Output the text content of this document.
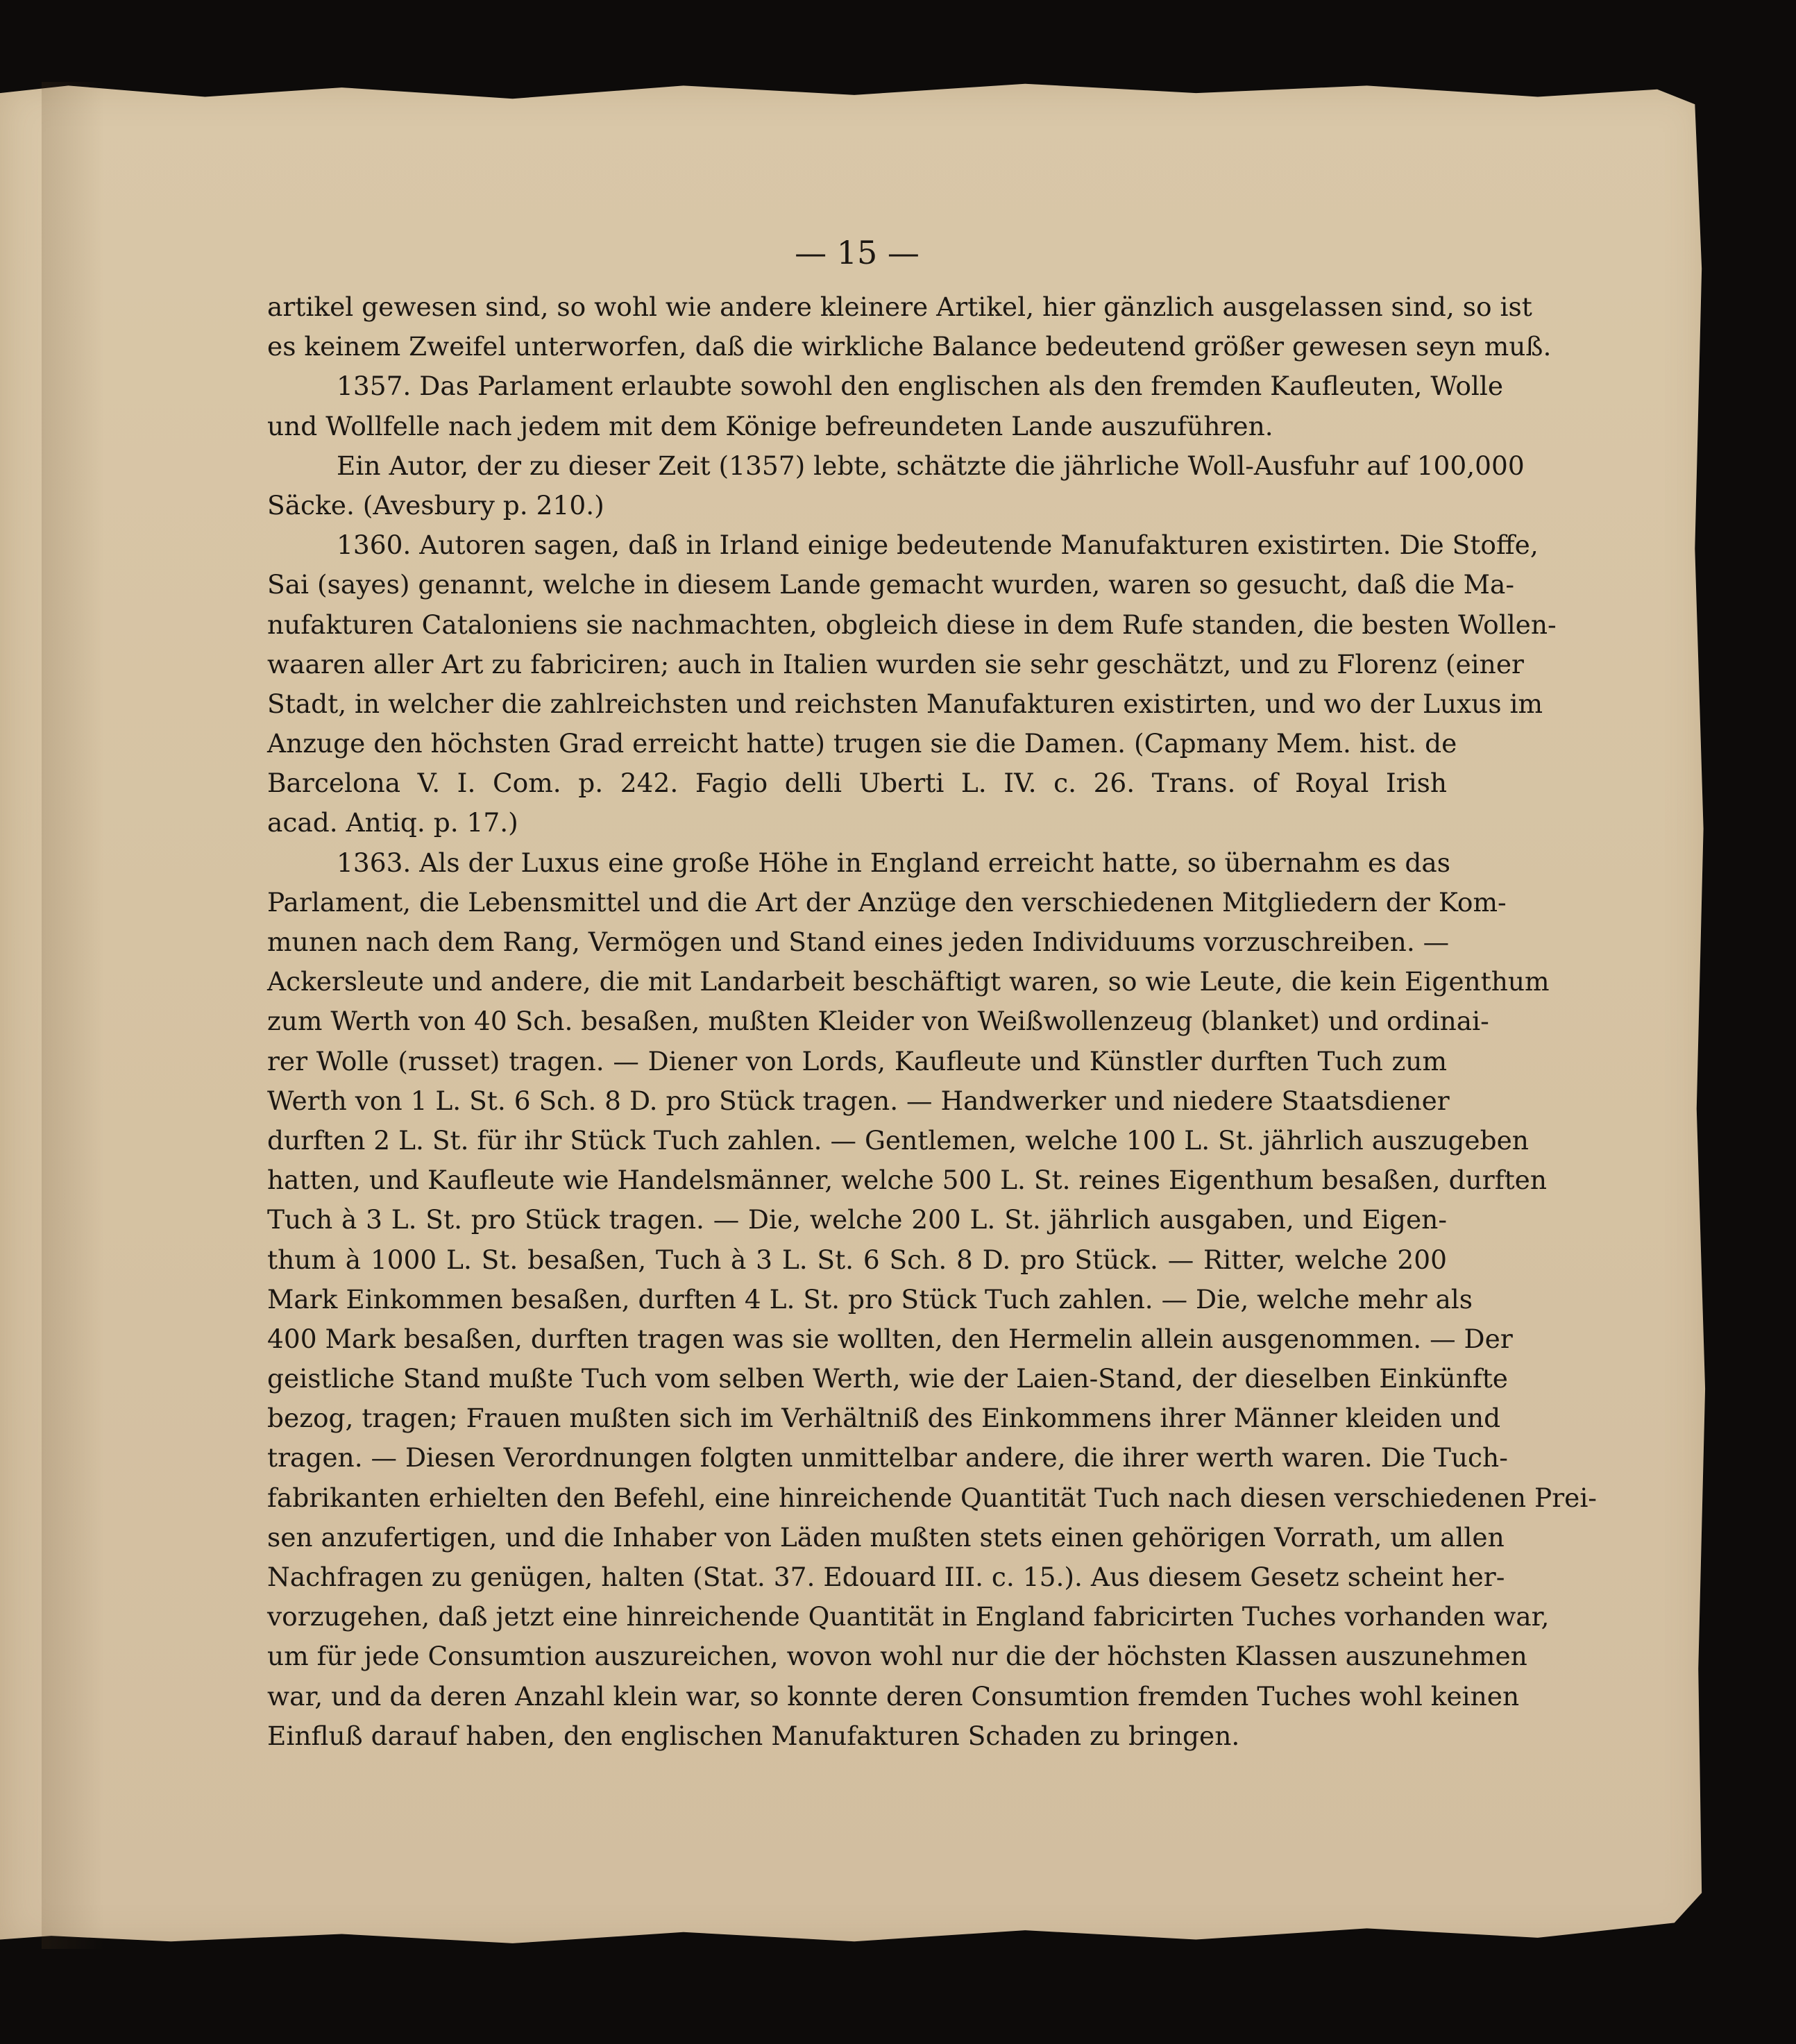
— 15 —
artikel gewesen sind, so wohl wie andere kleinere Artikel, hier gänzlich ausgelassen sind, so ist
es keinem Zweifel unterworfen, daß die wirkliche Balance bedeutend größer gewesen seyn muß.
1357. Das Parlament erlaubte sowohl den englischen als den fremden Kaufleuten, Wolle
und Wollfelle nach jedem mit dem Könige befreundeten Lande auszuführen.
Ein Autor, der zu dieser Zeit (1357) lebte, schätzte die jährliche Woll-Ausfuhr auf 100,000
Säcke. (Avesbury p. 210.)
1360. Autoren sagen, daß in Irland einige bedeutende Manufakturen existirten. Die Stoffe,
Sai (sayes) genannt, welche in diesem Lande gemacht wurden, waren so gesucht, daß die Ma-
nufakturen Cataloniens sie nachmachten, obgleich diese in dem Rufe standen, die besten Wollen-
waaren aller Art zu fabriciren; auch in Italien wurden sie sehr geschätzt, und zu Florenz (einer
Stadt, in welcher die zahlreichsten und reichsten Manufakturen existirten, und wo der Luxus im
Anzuge den höchsten Grad erreicht hatte) trugen sie die Damen. (Capmany Mem. hist. de
Barcelona V. I. Com. p. 242. Fagio delli Uberti L. IV. c. 26. Trans. of Royal Irish
acad. Antiq. p. 17.)
1363. Als der Luxus eine große Höhe in England erreicht hatte, so übernahm es das
Parlament, die Lebensmittel und die Art der Anzüge den verschiedenen Mitgliedern der Kom-
munen nach dem Rang, Vermögen und Stand eines jeden Individuums vorzuschreiben. —
Ackersleute und andere, die mit Landarbeit beschäftigt waren, so wie Leute, die kein Eigenthum
zum Werth von 40 Sch. besaßen, mußten Kleider von Weißwollenzeug (blanket) und ordinai-
rer Wolle (russet) tragen. — Diener von Lords, Kaufleute und Künstler durften Tuch zum
Werth von 1 L. St. 6 Sch. 8 D. pro Stück tragen. — Handwerker und niedere Staatsdiener
durften 2 L. St. für ihr Stück Tuch zahlen. — Gentlemen, welche 100 L. St. jährlich auszugeben
hatten, und Kaufleute wie Handelsmänner, welche 500 L. St. reines Eigenthum besaßen, durften
Tuch à 3 L. St. pro Stück tragen. — Die, welche 200 L. St. jährlich ausgaben, und Eigen-
thum à 1000 L. St. besaßen, Tuch à 3 L. St. 6 Sch. 8 D. pro Stück. — Ritter, welche 200
Mark Einkommen besaßen, durften 4 L. St. pro Stück Tuch zahlen. — Die, welche mehr als
400 Mark besaßen, durften tragen was sie wollten, den Hermelin allein ausgenommen. — Der
geistliche Stand mußte Tuch vom selben Werth, wie der Laien-Stand, der dieselben Einkünfte
bezog, tragen; Frauen mußten sich im Verhältniß des Einkommens ihrer Männer kleiden und
tragen. — Diesen Verordnungen folgten unmittelbar andere, die ihrer werth waren. Die Tuch-
fabrikanten erhielten den Befehl, eine hinreichende Quantität Tuch nach diesen verschiedenen Prei-
sen anzufertigen, und die Inhaber von Läden mußten stets einen gehörigen Vorrath, um allen
Nachfragen zu genügen, halten (Stat. 37. Edouard III. c. 15.). Aus diesem Gesetz scheint her-
vorzugehen, daß jetzt eine hinreichende Quantität in England fabricirten Tuches vorhanden war,
um für jede Consumtion auszureichen, wovon wohl nur die der höchsten Klassen auszunehmen
war, und da deren Anzahl klein war, so konnte deren Consumtion fremden Tuches wohl keinen
Einfluß darauf haben, den englischen Manufakturen Schaden zu bringen.
